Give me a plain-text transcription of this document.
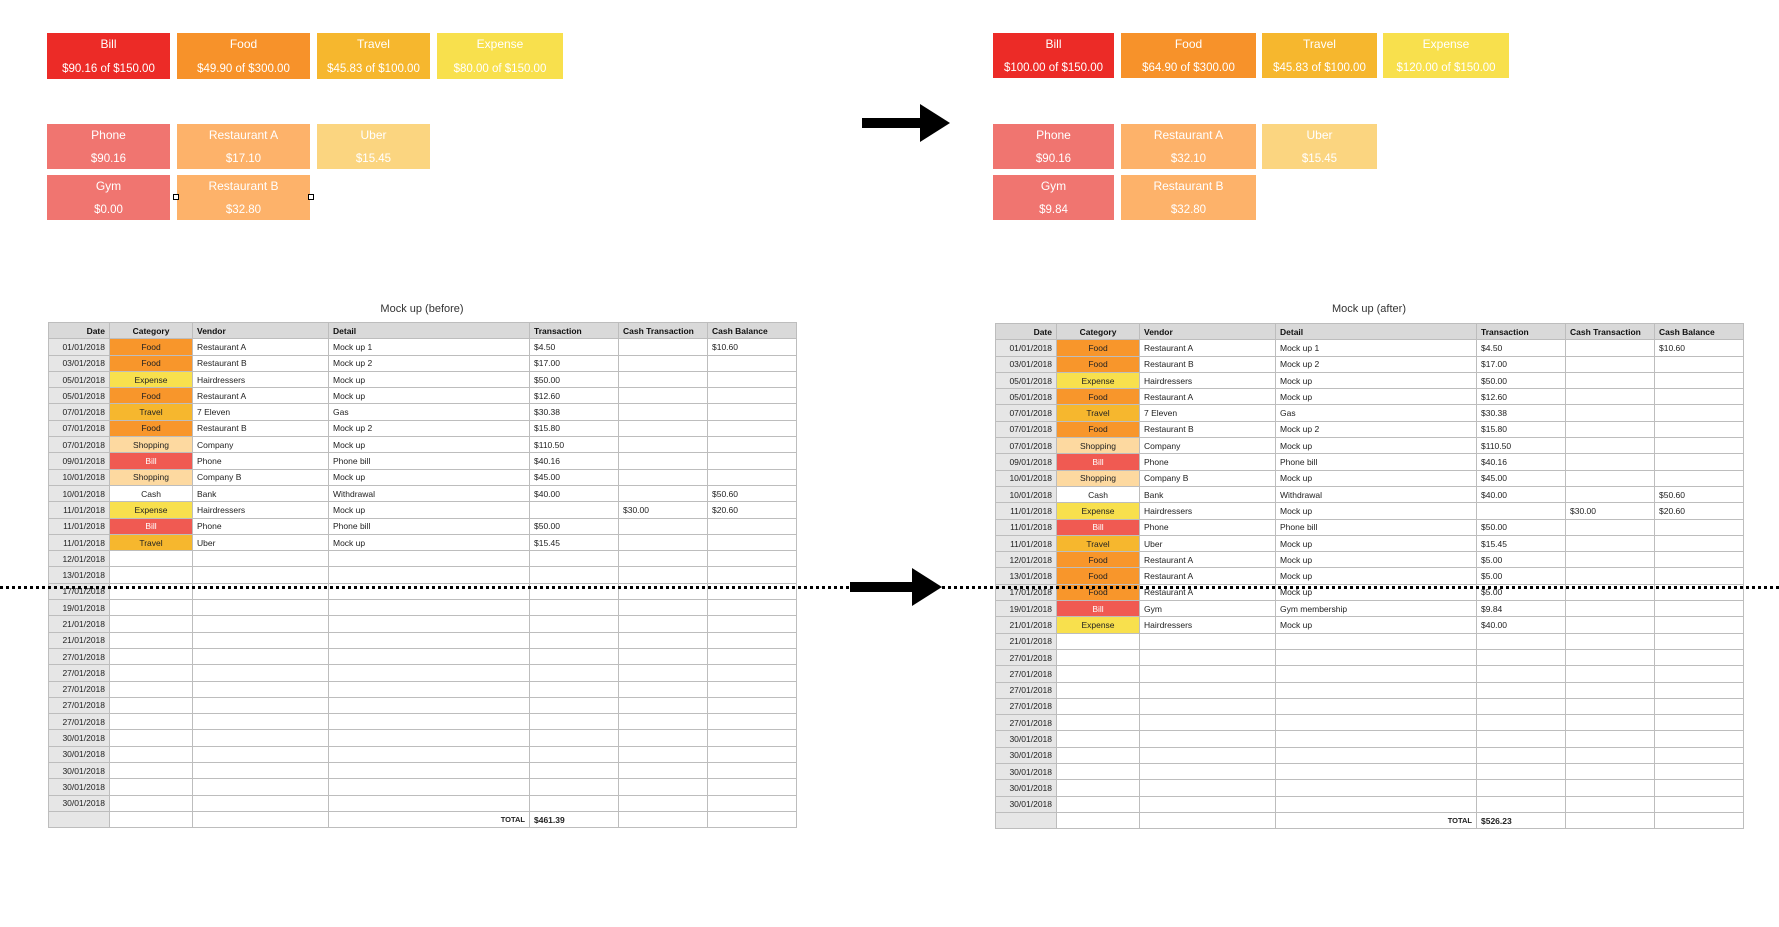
Bill
$90.16 of $150.00
Food
$49.90 of $300.00
Travel
$45.83 of $100.00
Expense
$80.00 of $150.00
Phone
$90.16
Restaurant A
$17.10
Uber
$15.45
Gym
$0.00
Restaurant B
$32.80
Bill
$100.00 of $150.00
Food
$64.90 of $300.00
Travel
$45.83 of $100.00
Expense
$120.00 of $150.00
Phone
$90.16
Restaurant A
$32.10
Uber
$15.45
Gym
$9.84
Restaurant B
$32.80
Mock up (before)	Mock up (after)
Date	Category	Vendor	Detail	Transaction	Cash Transaction	Cash Balance
01/01/2018	Food	Restaurant A	Mock up 1	$4.50		$10.60
03/01/2018	Food	Restaurant B	Mock up 2	$17.00		
05/01/2018	Expense	Hairdressers	Mock up	$50.00		
05/01/2018	Food	Restaurant A	Mock up	$12.60		
07/01/2018	Travel	7 Eleven	Gas	$30.38		
07/01/2018	Food	Restaurant B	Mock up 2	$15.80		
07/01/2018	Shopping	Company	Mock up	$110.50		
09/01/2018	Bill	Phone	Phone bill	$40.16		
10/01/2018	Shopping	Company B	Mock up	$45.00		
10/01/2018	Cash	Bank	Withdrawal	$40.00		$50.60
11/01/2018	Expense	Hairdressers	Mock up		$30.00	$20.60
11/01/2018	Bill	Phone	Phone bill	$50.00		
11/01/2018	Travel	Uber	Mock up	$15.45		
12/01/2018						
13/01/2018						
17/01/2018						
19/01/2018						
21/01/2018						
21/01/2018						
27/01/2018						
27/01/2018						
27/01/2018						
27/01/2018						
27/01/2018						
30/01/2018						
30/01/2018						
30/01/2018						
30/01/2018						
30/01/2018						
			TOTAL	$461.39		
Date	Category	Vendor	Detail	Transaction	Cash Transaction	Cash Balance
01/01/2018	Food	Restaurant A	Mock up 1	$4.50		$10.60
03/01/2018	Food	Restaurant B	Mock up 2	$17.00		
05/01/2018	Expense	Hairdressers	Mock up	$50.00		
05/01/2018	Food	Restaurant A	Mock up	$12.60		
07/01/2018	Travel	7 Eleven	Gas	$30.38		
07/01/2018	Food	Restaurant B	Mock up 2	$15.80		
07/01/2018	Shopping	Company	Mock up	$110.50		
09/01/2018	Bill	Phone	Phone bill	$40.16		
10/01/2018	Shopping	Company B	Mock up	$45.00		
10/01/2018	Cash	Bank	Withdrawal	$40.00		$50.60
11/01/2018	Expense	Hairdressers	Mock up		$30.00	$20.60
11/01/2018	Bill	Phone	Phone bill	$50.00		
11/01/2018	Travel	Uber	Mock up	$15.45		
12/01/2018	Food	Restaurant A	Mock up	$5.00		
13/01/2018	Food	Restaurant A	Mock up	$5.00		
17/01/2018	Food	Restaurant A	Mock up	$5.00		
19/01/2018	Bill	Gym	Gym membership	$9.84		
21/01/2018	Expense	Hairdressers	Mock up	$40.00		
21/01/2018						
27/01/2018						
27/01/2018						
27/01/2018						
27/01/2018						
27/01/2018						
30/01/2018						
30/01/2018						
30/01/2018						
30/01/2018						
30/01/2018						
			TOTAL	$526.23		
